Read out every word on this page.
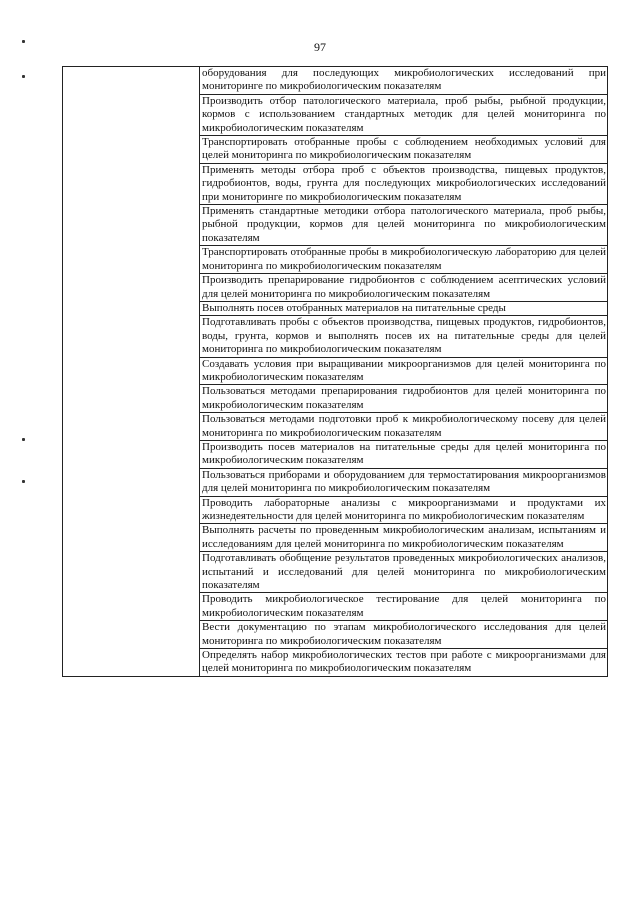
97
	оборудования для последующих микробиологических исследований при мониторинге по микробиологическим показателям
Производить отбор патологического материала, проб рыбы, рыбной продукции, кормов с использованием стандартных методик для целей мониторинга по микробиологическим показателям
Транспортировать отобранные пробы с соблюдением необходимых условий для целей мониторинга по микробиологическим показателям
Применять методы отбора проб с объектов производства, пищевых продуктов, гидробионтов, воды, грунта для последующих микробиологических исследований при мониторинге по микробиологическим показателям
Применять стандартные методики отбора патологического материала, проб рыбы, рыбной продукции, кормов для целей мониторинга по микробиологическим показателям
Транспортировать отобранные пробы в микробиологическую лабораторию для целей мониторинга по микробиологическим показателям
Производить препарирование гидробионтов с соблюдением асептических условий для целей мониторинга по микробиологическим показателям
Выполнять посев отобранных материалов на питательные среды
Подготавливать пробы с объектов производства, пищевых продуктов, гидробионтов, воды, грунта, кормов и выполнять посев их на питательные среды для целей мониторинга по микробиологическим показателям
Создавать условия при выращивании микроорганизмов для целей мониторинга по микробиологическим показателям
Пользоваться методами препарирования гидробионтов для целей мониторинга по микробиологическим показателям
Пользоваться методами подготовки проб к микробиологическому посеву для целей мониторинга по микробиологическим показателям
Производить посев материалов на питательные среды для целей мониторинга по микробиологическим показателям
Пользоваться приборами и оборудованием для термостатирования микроорганизмов для целей мониторинга по микробиологическим показателям
Проводить лабораторные анализы с микроорганизмами и продуктами их жизнедеятельности для целей мониторинга по микробиологическим показателям
Выполнять расчеты по проведенным микробиологическим анализам, испытаниям и исследованиям для целей мониторинга по микробиологическим показателям
Подготавливать обобщение результатов проведенных микробиологических анализов, испытаний и исследований для целей мониторинга по микробиологическим показателям
Проводить микробиологическое тестирование для целей мониторинга по микробиологическим показателям
Вести документацию по этапам микробиологического исследования для целей мониторинга по микробиологическим показателям
Определять набор микробиологических тестов при работе с микроорганизмами для целей мониторинга по микробиологическим показателям
